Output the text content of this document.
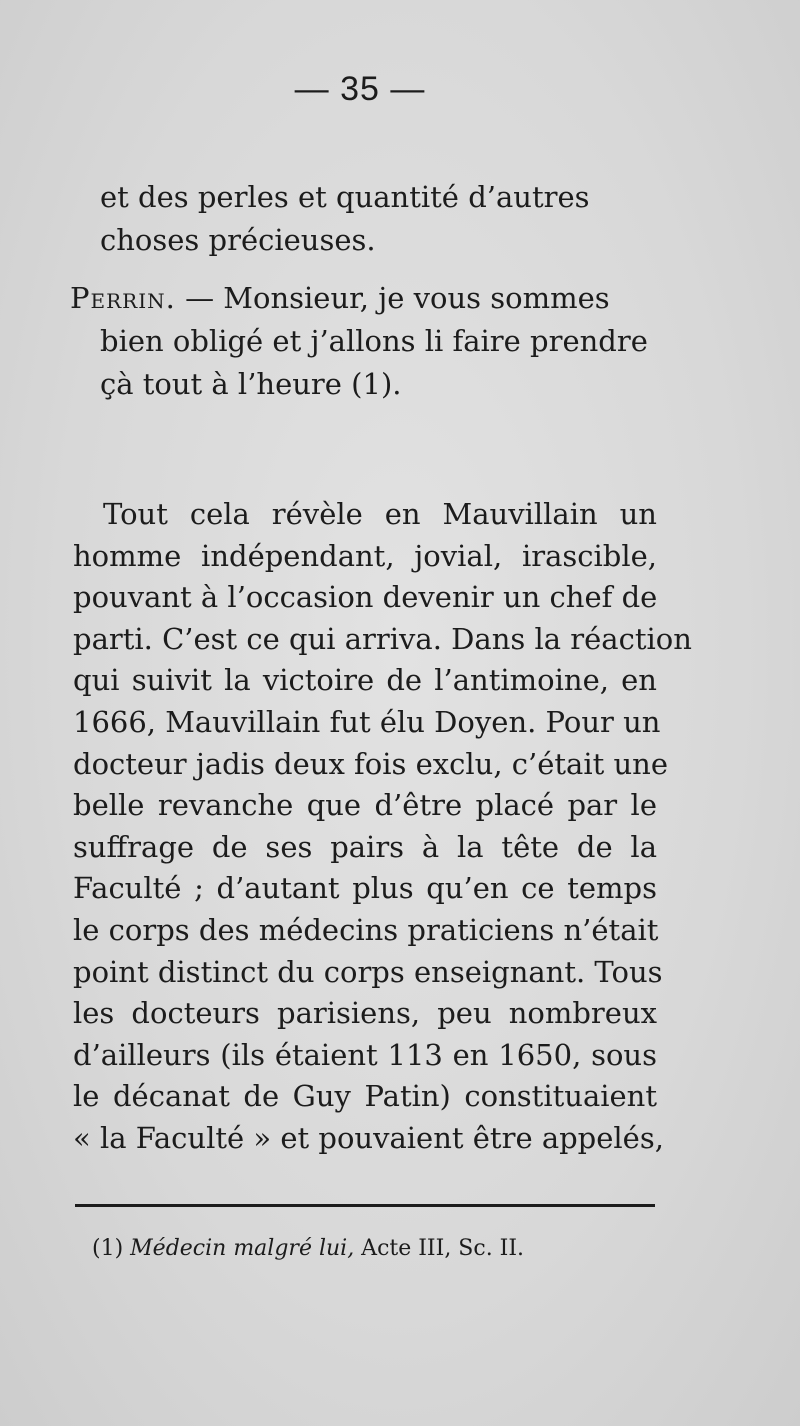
— 35 —

et des perles et quantité d’autres

choses précieuses.

Perrin. — Monsieur, je vous sommes

bien obligé et j’allons li faire prendre

çà tout à l’heure (1).

Tout cela révèle en Mauvillain un
homme indépendant, jovial, irascible,
pouvant à l’occasion devenir un chef de
parti. C’est ce qui arriva. Dans la réaction
qui suivit la victoire de l’antimoine, en
1666, Mauvillain fut élu Doyen. Pour un
docteur jadis deux fois exclu, c’était une
belle revanche que d’être placé par le
suffrage de ses pairs à la tête de la
Faculté ; d’autant plus qu’en ce temps
le corps des médecins praticiens n’était
point distinct du corps enseignant. Tous
les docteurs parisiens, peu nombreux
d’ailleurs (ils étaient 113 en 1650, sous
le décanat de Guy Patin) constituaient
« la Faculté » et pouvaient être appelés,
(1) Médecin malgré lui, Acte III, Sc. II.
